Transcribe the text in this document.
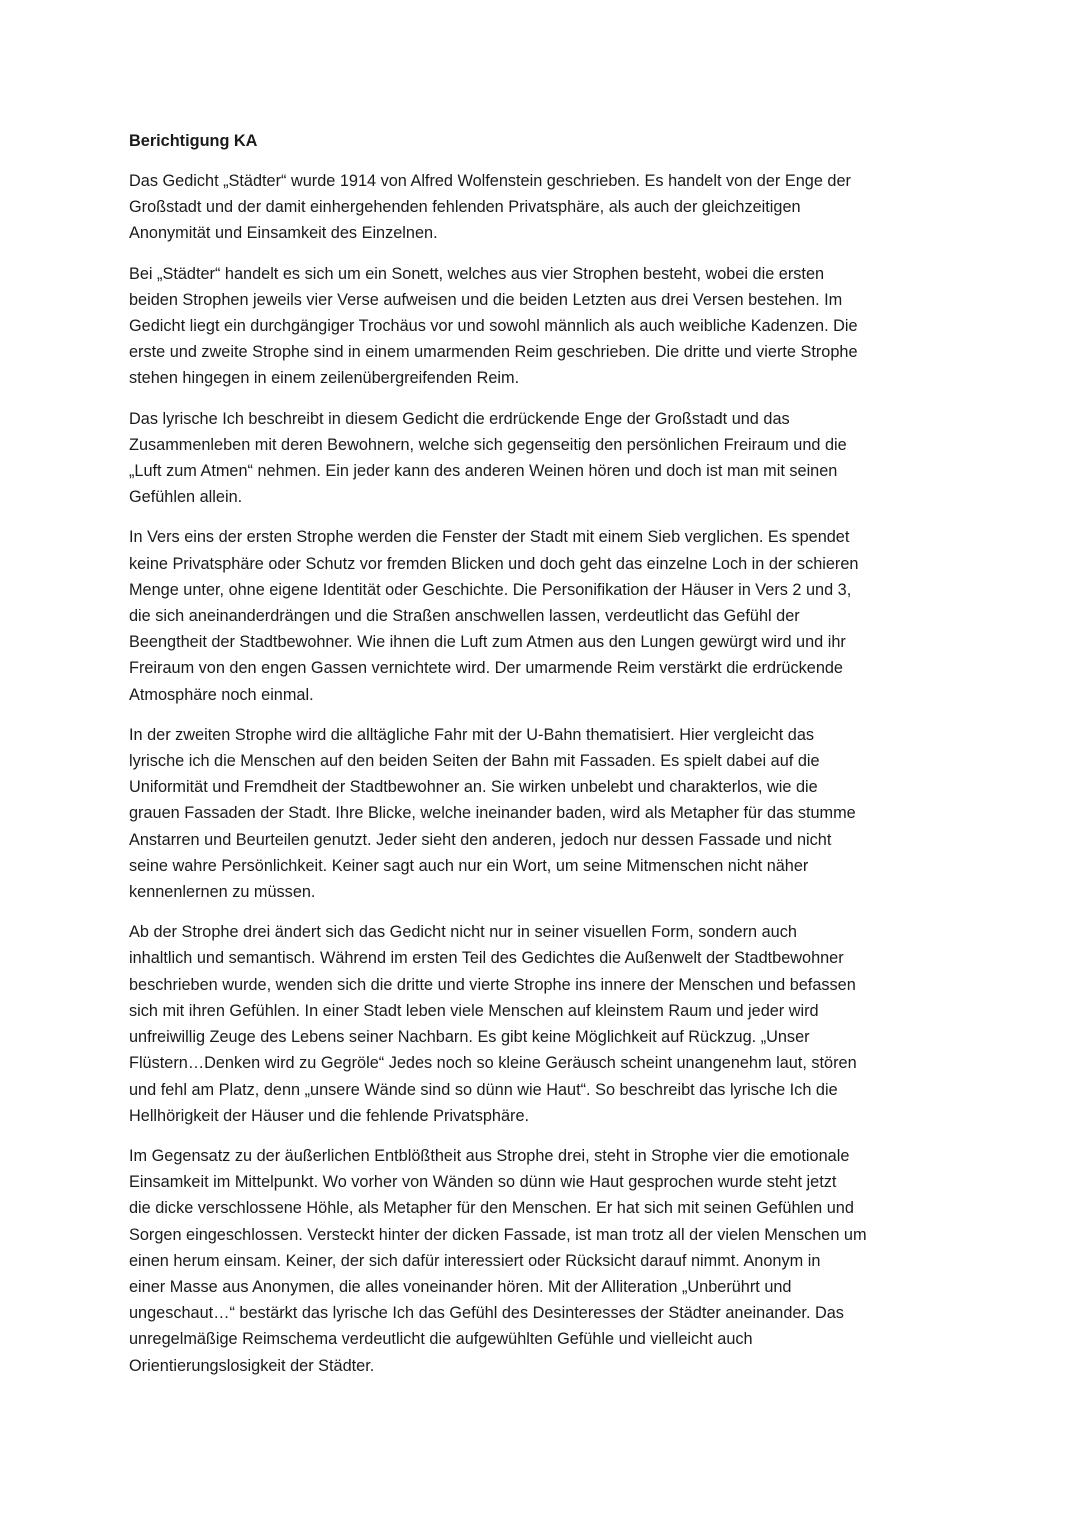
Berichtigung KA
Das Gedicht „Städter“ wurde 1914 von Alfred Wolfenstein geschrieben. Es handelt von der Enge der
Großstadt und der damit einhergehenden fehlenden Privatsphäre, als auch der gleichzeitigen
Anonymität und Einsamkeit des Einzelnen.
Bei „Städter“ handelt es sich um ein Sonett, welches aus vier Strophen besteht, wobei die ersten
beiden Strophen jeweils vier Verse aufweisen und die beiden Letzten aus drei Versen bestehen. Im
Gedicht liegt ein durchgängiger Trochäus vor und sowohl männlich als auch weibliche Kadenzen. Die
erste und zweite Strophe sind in einem umarmenden Reim geschrieben. Die dritte und vierte Strophe
stehen hingegen in einem zeilenübergreifenden Reim.
Das lyrische Ich beschreibt in diesem Gedicht die erdrückende Enge der Großstadt und das
Zusammenleben mit deren Bewohnern, welche sich gegenseitig den persönlichen Freiraum und die
„Luft zum Atmen“ nehmen. Ein jeder kann des anderen Weinen hören und doch ist man mit seinen
Gefühlen allein.
In Vers eins der ersten Strophe werden die Fenster der Stadt mit einem Sieb verglichen. Es spendet
keine Privatsphäre oder Schutz vor fremden Blicken und doch geht das einzelne Loch in der schieren
Menge unter, ohne eigene Identität oder Geschichte. Die Personifikation der Häuser in Vers 2 und 3,
die sich aneinanderdrängen und die Straßen anschwellen lassen, verdeutlicht das Gefühl der
Beengtheit der Stadtbewohner. Wie ihnen die Luft zum Atmen aus den Lungen gewürgt wird und ihr
Freiraum von den engen Gassen vernichtete wird. Der umarmende Reim verstärkt die erdrückende
Atmosphäre noch einmal.
In der zweiten Strophe wird die alltägliche Fahr mit der U-Bahn thematisiert. Hier vergleicht das
lyrische ich die Menschen auf den beiden Seiten der Bahn mit Fassaden. Es spielt dabei auf die
Uniformität und Fremdheit der Stadtbewohner an. Sie wirken unbelebt und charakterlos, wie die
grauen Fassaden der Stadt. Ihre Blicke, welche ineinander baden, wird als Metapher für das stumme
Anstarren und Beurteilen genutzt. Jeder sieht den anderen, jedoch nur dessen Fassade und nicht
seine wahre Persönlichkeit. Keiner sagt auch nur ein Wort, um seine Mitmenschen nicht näher
kennenlernen zu müssen.
Ab der Strophe drei ändert sich das Gedicht nicht nur in seiner visuellen Form, sondern auch
inhaltlich und semantisch. Während im ersten Teil des Gedichtes die Außenwelt der Stadtbewohner
beschrieben wurde, wenden sich die dritte und vierte Strophe ins innere der Menschen und befassen
sich mit ihren Gefühlen. In einer Stadt leben viele Menschen auf kleinstem Raum und jeder wird
unfreiwillig Zeuge des Lebens seiner Nachbarn. Es gibt keine Möglichkeit auf Rückzug. „Unser
Flüstern…Denken wird zu Gegröle“ Jedes noch so kleine Geräusch scheint unangenehm laut, stören
und fehl am Platz, denn „unsere Wände sind so dünn wie Haut“. So beschreibt das lyrische Ich die
Hellhörigkeit der Häuser und die fehlende Privatsphäre.
Im Gegensatz zu der äußerlichen Entblößtheit aus Strophe drei, steht in Strophe vier die emotionale
Einsamkeit im Mittelpunkt. Wo vorher von Wänden so dünn wie Haut gesprochen wurde steht jetzt
die dicke verschlossene Höhle, als Metapher für den Menschen. Er hat sich mit seinen Gefühlen und
Sorgen eingeschlossen. Versteckt hinter der dicken Fassade, ist man trotz all der vielen Menschen um
einen herum einsam. Keiner, der sich dafür interessiert oder Rücksicht darauf nimmt. Anonym in
einer Masse aus Anonymen, die alles voneinander hören. Mit der Alliteration „Unberührt und
ungeschaut…“ bestärkt das lyrische Ich das Gefühl des Desinteresses der Städter aneinander. Das
unregelmäßige Reimschema verdeutlicht die aufgewühlten Gefühle und vielleicht auch
Orientierungslosigkeit der Städter.
